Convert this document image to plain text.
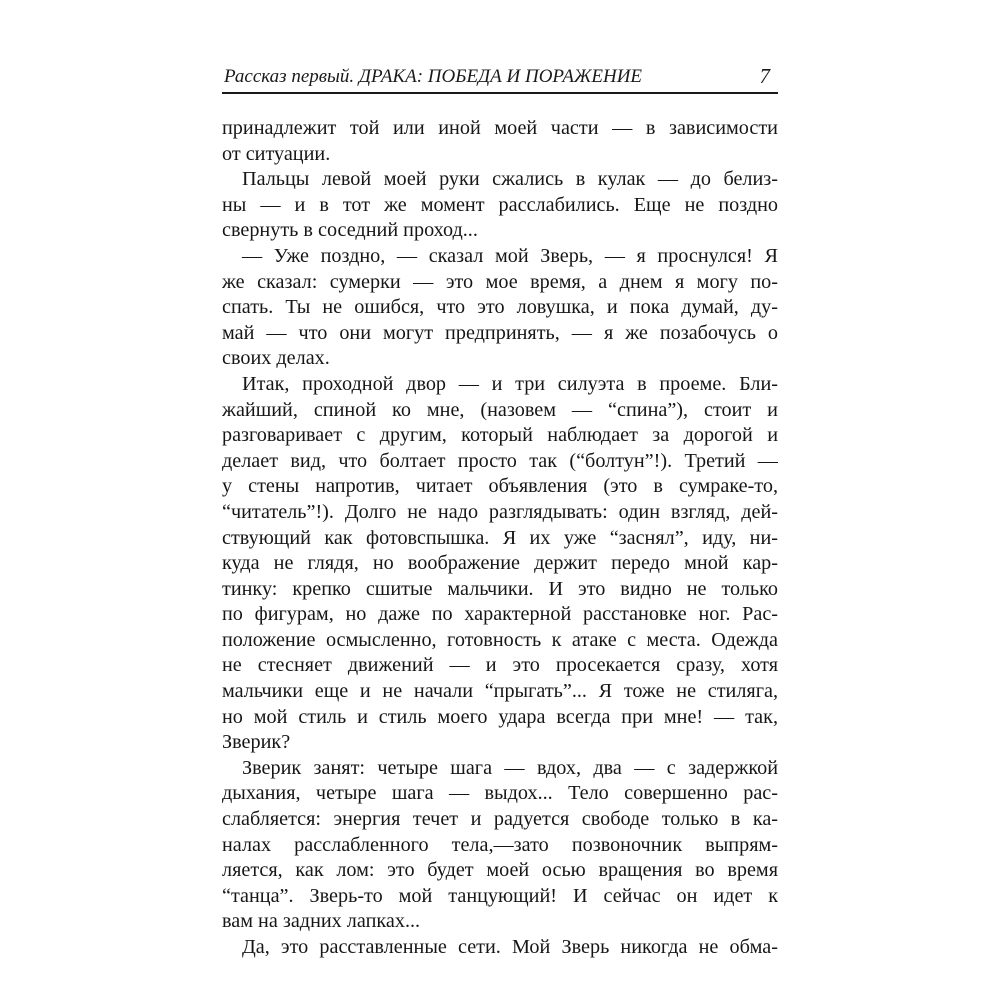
Рассказ первый. ДРАКА: ПОБЕДА И ПОРАЖЕНИЕ	7
принадлежит той или иной моей части — в зависимости
от ситуации.
Пальцы левой моей руки сжались в кулак — до белиз-
ны — и в тот же момент расслабились. Еще не поздно
свернуть в соседний проход...
— Уже поздно, — сказал мой Зверь, — я проснулся! Я
же сказал: сумерки — это мое время, а днем я могу по-
спать. Ты не ошибся, что это ловушка, и пока думай, ду-
май — что они могут предпринять, — я же позабочусь о
своих делах.
Итак, проходной двор — и три силуэта в проеме. Бли-
жайший, спиной ко мне, (назовем — “спина”), стоит и
разговаривает с другим, который наблюдает за дорогой и
делает вид, что болтает просто так (“болтун”!). Третий —
у стены напротив, читает объявления (это в сумраке-то,
“читатель”!). Долго не надо разглядывать: один взгляд, дей-
ствующий как фотовспышка. Я их уже “заснял”, иду, ни-
куда не глядя, но воображение держит передо мной кар-
тинку: крепко сшитые мальчики. И это видно не только
по фигурам, но даже по характерной расстановке ног. Рас-
положение осмысленно, готовность к атаке с места. Одежда
не стесняет движений — и это просекается сразу, хотя
мальчики еще и не начали “прыгать”... Я тоже не стиляга,
но мой стиль и стиль моего удара всегда при мне! — так,
Зверик?
Зверик занят: четыре шага — вдох, два — с задержкой
дыхания, четыре шага — выдох... Тело совершенно рас-
слабляется: энергия течет и радуется свободе только в ка-
налах расслабленного тела,—зато позвоночник выпрям-
ляется, как лом: это будет моей осью вращения во время
“танца”. Зверь-то мой танцующий! И сейчас он идет к
вам на задних лапках...
Да, это расставленные сети. Мой Зверь никогда не обма-
